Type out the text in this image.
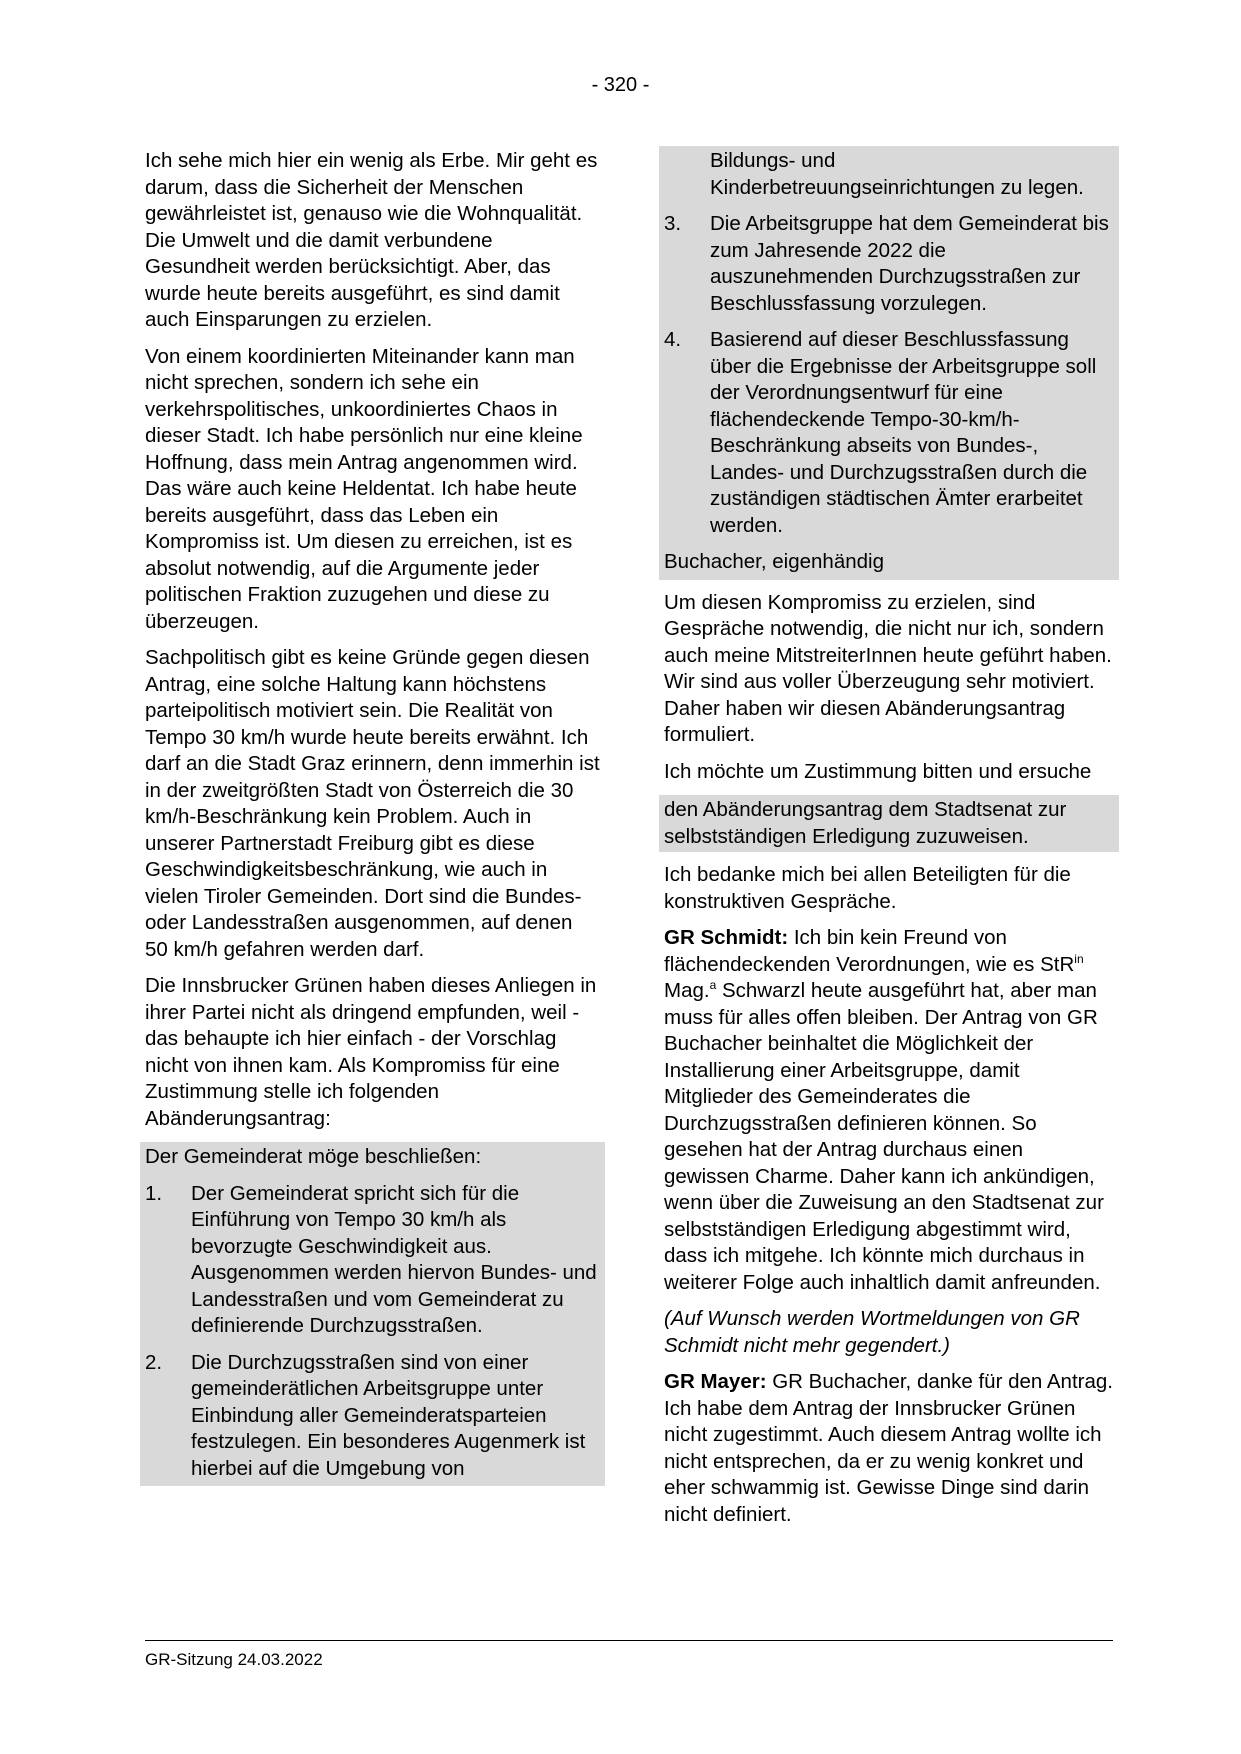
- 320 -

Ich sehe mich hier ein wenig als Erbe. Mir geht es darum, dass die Sicherheit der Menschen gewährleistet ist, genauso wie die Wohnqualität. Die Umwelt und die damit verbundene Gesundheit werden berücksichtigt. Aber, das wurde heute bereits ausgeführt, es sind damit auch Einsparungen zu erzielen.

Von einem koordinierten Miteinander kann man nicht sprechen, sondern ich sehe ein verkehrspolitisches, unkoordiniertes Chaos in dieser Stadt. Ich habe persönlich nur eine kleine Hoffnung, dass mein Antrag angenommen wird. Das wäre auch keine Heldentat. Ich habe heute bereits ausgeführt, dass das Leben ein Kompromiss ist. Um diesen zu erreichen, ist es absolut notwendig, auf die Argumente jeder politischen Fraktion zuzugehen und diese zu überzeugen.

Sachpolitisch gibt es keine Gründe gegen diesen Antrag, eine solche Haltung kann höchstens parteipolitisch motiviert sein. Die Realität von Tempo 30 km/h wurde heute bereits erwähnt. Ich darf an die Stadt Graz erinnern, denn immerhin ist in der zweitgrößten Stadt von Österreich die 30 km/h-Beschränkung kein Problem. Auch in unserer Partnerstadt Freiburg gibt es diese Geschwindigkeitsbeschränkung, wie auch in vielen Tiroler Gemeinden. Dort sind die Bundes- oder Landesstraßen ausgenommen, auf denen 50 km/h gefahren werden darf.

Die Innsbrucker Grünen haben dieses Anliegen in ihrer Partei nicht als dringend empfunden, weil - das behaupte ich hier einfach - der Vorschlag nicht von ihnen kam. Als Kompromiss für eine Zustimmung stelle ich folgenden Abänderungsantrag:

Der Gemeinderat möge beschließen:
1.	Der Gemeinderat spricht sich für die Einführung von Tempo 30 km/h als bevorzugte Geschwindigkeit aus. Ausgenommen werden hiervon Bundes- und Landesstraßen und vom Gemeinderat zu definierende Durchzugsstraßen.
2.	Die Durchzugsstraßen sind von einer gemeinderätlichen Arbeitsgruppe unter Einbindung aller Gemeinderatsparteien festzulegen. Ein besonderes Augenmerk ist hierbei auf die Umgebung von
Bildungs- und Kinderbetreuungseinrichtungen zu legen.
3.	Die Arbeitsgruppe hat dem Gemeinderat bis zum Jahresende 2022 die auszunehmenden Durchzugsstraßen zur Beschlussfassung vorzulegen.
4.	Basierend auf dieser Beschlussfassung über die Ergebnisse der Arbeitsgruppe soll der Verordnungsentwurf für eine flächendeckende Tempo-30-km/h-Beschränkung abseits von Bundes-, Landes- und Durchzugsstraßen durch die zuständigen städtischen Ämter erarbeitet werden.
Buchacher, eigenhändig

Um diesen Kompromiss zu erzielen, sind Gespräche notwendig, die nicht nur ich, sondern auch meine MitstreiterInnen heute geführt haben. Wir sind aus voller Überzeugung sehr motiviert. Daher haben wir diesen Abänderungsantrag formuliert.

Ich möchte um Zustimmung bitten und ersuche

den Abänderungsantrag dem Stadtsenat zur selbstständigen Erledigung zuzuweisen.

Ich bedanke mich bei allen Beteiligten für die konstruktiven Gespräche.

GR Schmidt: Ich bin kein Freund von flächendeckenden Verordnungen, wie es StR$^{in}$ Mag.$^a$ Schwarzl heute ausgeführt hat, aber man muss für alles offen bleiben. Der Antrag von GR Buchacher beinhaltet die Möglichkeit der Installierung einer Arbeitsgruppe, damit Mitglieder des Gemeinderates die Durchzugsstraßen definieren können. So gesehen hat der Antrag durchaus einen gewissen Charme. Daher kann ich ankündigen, wenn über die Zuweisung an den Stadtsenat zur selbstständigen Erledigung abgestimmt wird, dass ich mitgehe. Ich könnte mich durchaus in weiterer Folge auch inhaltlich damit anfreunden.

(Auf Wunsch werden Wortmeldungen von GR Schmidt nicht mehr gegendert.)

GR Mayer: GR Buchacher, danke für den Antrag. Ich habe dem Antrag der Innsbrucker Grünen nicht zugestimmt. Auch diesem Antrag wollte ich nicht entsprechen, da er zu wenig konkret und eher schwammig ist. Gewisse Dinge sind darin nicht definiert.

GR-Sitzung 24.03.2022
